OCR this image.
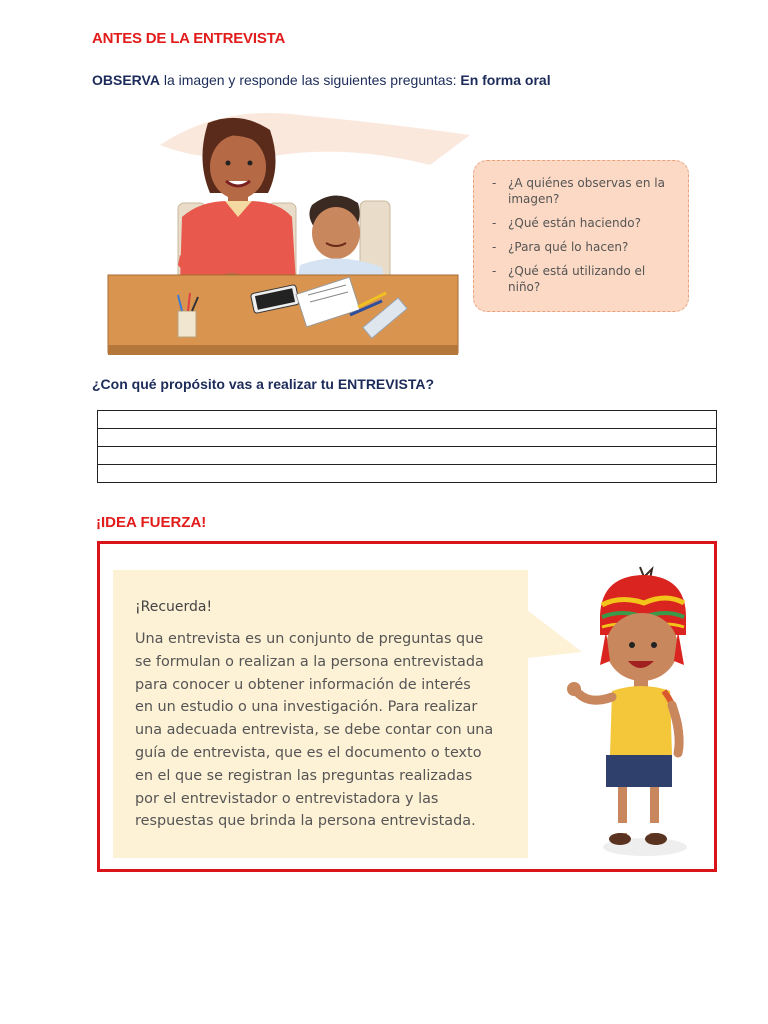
ANTES DE LA ENTREVISTA
OBSERVA la imagen y responde las siguientes preguntas: En forma oral
- ¿A quiénes observas en la imagen?
- ¿Qué están haciendo?
- ¿Para qué lo hacen?
- ¿Qué está utilizando el niño?
¿Con qué propósito vas a realizar tu ENTREVISTA?
¡IDEA FUERZA!
¡Recuerda!
Una entrevista es un conjunto de preguntas que
se formulan o realizan a la persona entrevistada
para conocer u obtener información de interés
en un estudio o una investigación. Para realizar
una adecuada entrevista, se debe contar con una
guía de entrevista, que es el documento o texto
en el que se registran las preguntas realizadas
por el entrevistador o entrevistadora y las
respuestas que brinda la persona entrevistada.
